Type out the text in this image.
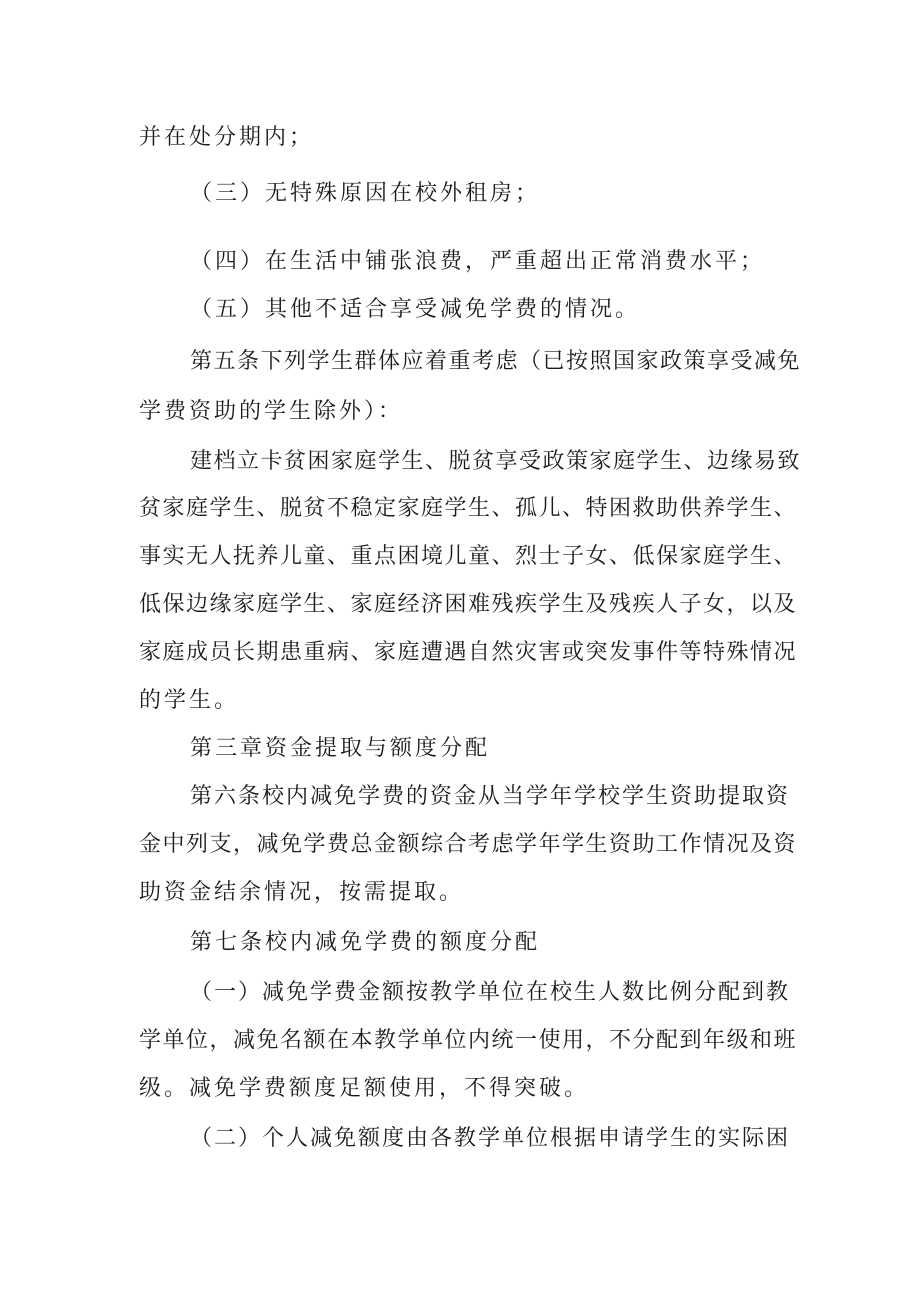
并在处分期内；
（三）无特殊原因在校外租房；
（四）在生活中铺张浪费，严重超出正常消费水平；
（五）其他不适合享受减免学费的情况。
第五条下列学生群体应着重考虑（已按照国家政策享受减免
学费资助的学生除外）：
建档立卡贫困家庭学生、脱贫享受政策家庭学生、边缘易致
贫家庭学生、脱贫不稳定家庭学生、孤儿、特困救助供养学生、
事实无人抚养儿童、重点困境儿童、烈士子女、低保家庭学生、
低保边缘家庭学生、家庭经济困难残疾学生及残疾人子女，以及
家庭成员长期患重病、家庭遭遇自然灾害或突发事件等特殊情况
的学生。
第三章资金提取与额度分配
第六条校内减免学费的资金从当学年学校学生资助提取资
金中列支，减免学费总金额综合考虑学年学生资助工作情况及资
助资金结余情况，按需提取。
第七条校内减免学费的额度分配
（一）减免学费金额按教学单位在校生人数比例分配到教
学单位，减免名额在本教学单位内统一使用，不分配到年级和班
级。减免学费额度足额使用，不得突破。
（二）个人减免额度由各教学单位根据申请学生的实际困
